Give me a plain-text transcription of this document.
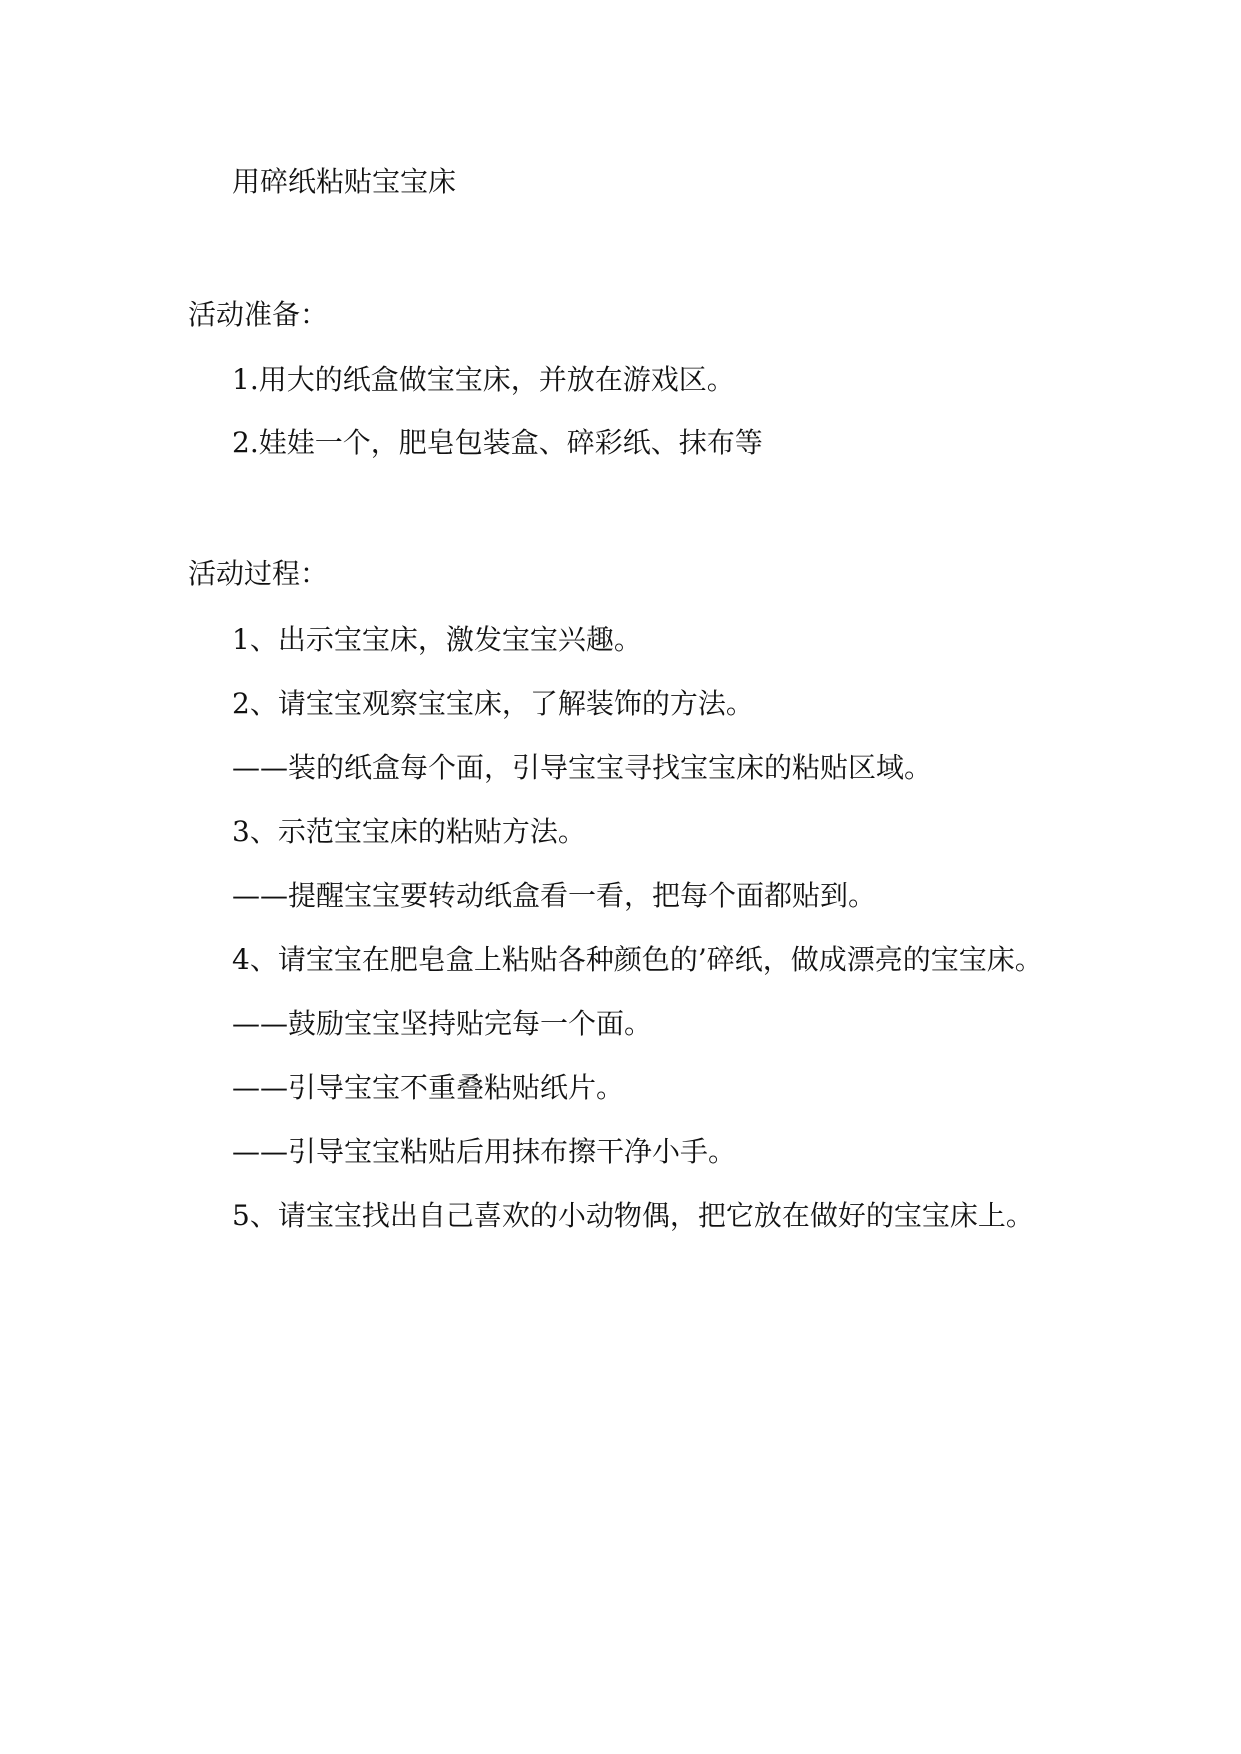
用碎纸粘贴宝宝床

活动准备：

1.用大的纸盒做宝宝床，并放在游戏区。

2.娃娃一个，肥皂包装盒、碎彩纸、抹布等

活动过程：

1、出示宝宝床，激发宝宝兴趣。

2、请宝宝观察宝宝床，了解装饰的方法。

——装的纸盒每个面，引导宝宝寻找宝宝床的粘贴区域。

3、示范宝宝床的粘贴方法。

——提醒宝宝要转动纸盒看一看，把每个面都贴到。

4、请宝宝在肥皂盒上粘贴各种颜色的’碎纸，做成漂亮的宝宝床。

——鼓励宝宝坚持贴完每一个面。

——引导宝宝不重叠粘贴纸片。

——引导宝宝粘贴后用抹布擦干净小手。

5、请宝宝找出自己喜欢的小动物偶，把它放在做好的宝宝床上。
